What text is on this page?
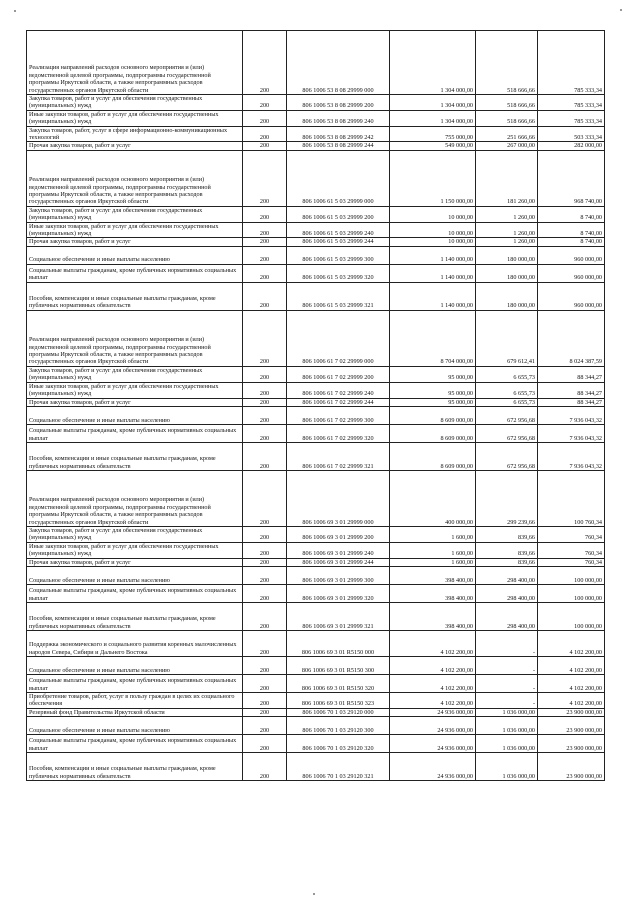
Реализация направлений расходов основного мероприятия и (или) ведомственной целевой программы, подпрограммы государственной программы Иркутской области, а также непрограммных расходов государственных органов Иркутской области	200	806 1006 53 8 08 29999 000	1 304 000,00	518 666,66	785 333,34
Закупка товаров, работ и услуг для обеспечения государственных (муниципальных) нужд	200	806 1006 53 8 08 29999 200	1 304 000,00	518 666,66	785 333,34
Иные закупки товаров, работ и услуг для обеспечения государственных (муниципальных) нужд	200	806 1006 53 8 08 29999 240	1 304 000,00	518 666,66	785 333,34
Закупка товаров, работ, услуг в сфере информационно-коммуникационных технологий	200	806 1006 53 8 08 29999 242	755 000,00	251 666,66	503 333,34
Прочая закупка товаров, работ и услуг	200	806 1006 53 8 08 29999 244	549 000,00	267 000,00	282 000,00
Реализация направлений расходов основного мероприятия и (или) ведомственной целевой программы, подпрограммы государственной программы Иркутской области, а также непрограммных расходов государственных органов Иркутской области	200	806 1006 61 5 03 29999 000	1 150 000,00	181 260,00	968 740,00
Закупка товаров, работ и услуг для обеспечения государственных (муниципальных) нужд	200	806 1006 61 5 03 29999 200	10 000,00	1 260,00	8 740,00
Иные закупки товаров, работ и услуг для обеспечения государственных (муниципальных) нужд	200	806 1006 61 5 03 29999 240	10 000,00	1 260,00	8 740,00
Прочая закупка товаров, работ и услуг	200	806 1006 61 5 03 29999 244	10 000,00	1 260,00	8 740,00
Социальное обеспечение и иные выплаты населению	200	806 1006 61 5 03 29999 300	1 140 000,00	180 000,00	960 000,00
Социальные выплаты гражданам, кроме публичных нормативных социальных выплат	200	806 1006 61 5 03 29999 320	1 140 000,00	180 000,00	960 000,00
Пособия, компенсации и иные социальные выплаты гражданам, кроме публичных нормативных обязательств	200	806 1006 61 5 03 29999 321	1 140 000,00	180 000,00	960 000,00
Реализация направлений расходов основного мероприятия и (или) ведомственной целевой программы, подпрограммы государственной программы Иркутской области, а также непрограммных расходов государственных органов Иркутской области	200	806 1006 61 7 02 29999 000	8 704 000,00	679 612,41	8 024 387,59
Закупка товаров, работ и услуг для обеспечения государственных (муниципальных) нужд	200	806 1006 61 7 02 29999 200	95 000,00	6 655,73	88 344,27
Иные закупки товаров, работ и услуг для обеспечения государственных (муниципальных) нужд	200	806 1006 61 7 02 29999 240	95 000,00	6 655,73	88 344,27
Прочая закупка товаров, работ и услуг	200	806 1006 61 7 02 29999 244	95 000,00	6 655,73	88 344,27
Социальное обеспечение и иные выплаты населению	200	806 1006 61 7 02 29999 300	8 609 000,00	672 956,68	7 936 043,32
Социальные выплаты гражданам, кроме публичных нормативных социальных выплат	200	806 1006 61 7 02 29999 320	8 609 000,00	672 956,68	7 936 043,32
Пособия, компенсации и иные социальные выплаты гражданам, кроме публичных нормативных обязательств	200	806 1006 61 7 02 29999 321	8 609 000,00	672 956,68	7 936 043,32
Реализация направлений расходов основного мероприятия и (или) ведомственной целевой программы, подпрограммы государственной программы Иркутской области, а также непрограммных расходов государственных органов Иркутской области	200	806 1006 69 3 01 29999 000	400 000,00	299 239,66	100 760,34
Закупка товаров, работ и услуг для обеспечения государственных (муниципальных) нужд	200	806 1006 69 3 01 29999 200	1 600,00	839,66	760,34
Иные закупки товаров, работ и услуг для обеспечения государственных (муниципальных) нужд	200	806 1006 69 3 01 29999 240	1 600,00	839,66	760,34
Прочая закупка товаров, работ и услуг	200	806 1006 69 3 01 29999 244	1 600,00	839,66	760,34
Социальное обеспечение и иные выплаты населению	200	806 1006 69 3 01 29999 300	398 400,00	298 400,00	100 000,00
Социальные выплаты гражданам, кроме публичных нормативных социальных выплат	200	806 1006 69 3 01 29999 320	398 400,00	298 400,00	100 000,00
Пособия, компенсации и иные социальные выплаты гражданам, кроме публичных нормативных обязательств	200	806 1006 69 3 01 29999 321	398 400,00	298 400,00	100 000,00
Поддержка экономического и социального развития коренных малочисленных народов Севера, Сибири и Дальнего Востока	200	806 1006 69 3 01 R5150 000	4 102 200,00	-	4 102 200,00
Социальное обеспечение и иные выплаты населению	200	806 1006 69 3 01 R5150 300	4 102 200,00	-	4 102 200,00
Социальные выплаты гражданам, кроме публичных нормативных социальных выплат	200	806 1006 69 3 01 R5150 320	4 102 200,00	-	4 102 200,00
Приобретение товаров, работ, услуг в пользу граждан в целях их социального обеспечения	200	806 1006 69 3 01 R5150 323	4 102 200,00	-	4 102 200,00
Резервный фонд Правительства Иркутской области	200	806 1006 70 1 03 29120 000	24 936 000,00	1 036 000,00	23 900 000,00
Социальное обеспечение и иные выплаты населению	200	806 1006 70 1 03 29120 300	24 936 000,00	1 036 000,00	23 900 000,00
Социальные выплаты гражданам, кроме публичных нормативных социальных выплат	200	806 1006 70 1 03 29120 320	24 936 000,00	1 036 000,00	23 900 000,00
Пособия, компенсации и иные социальные выплаты гражданам, кроме публичных нормативных обязательств	200	806 1006 70 1 03 29120 321	24 936 000,00	1 036 000,00	23 900 000,00
